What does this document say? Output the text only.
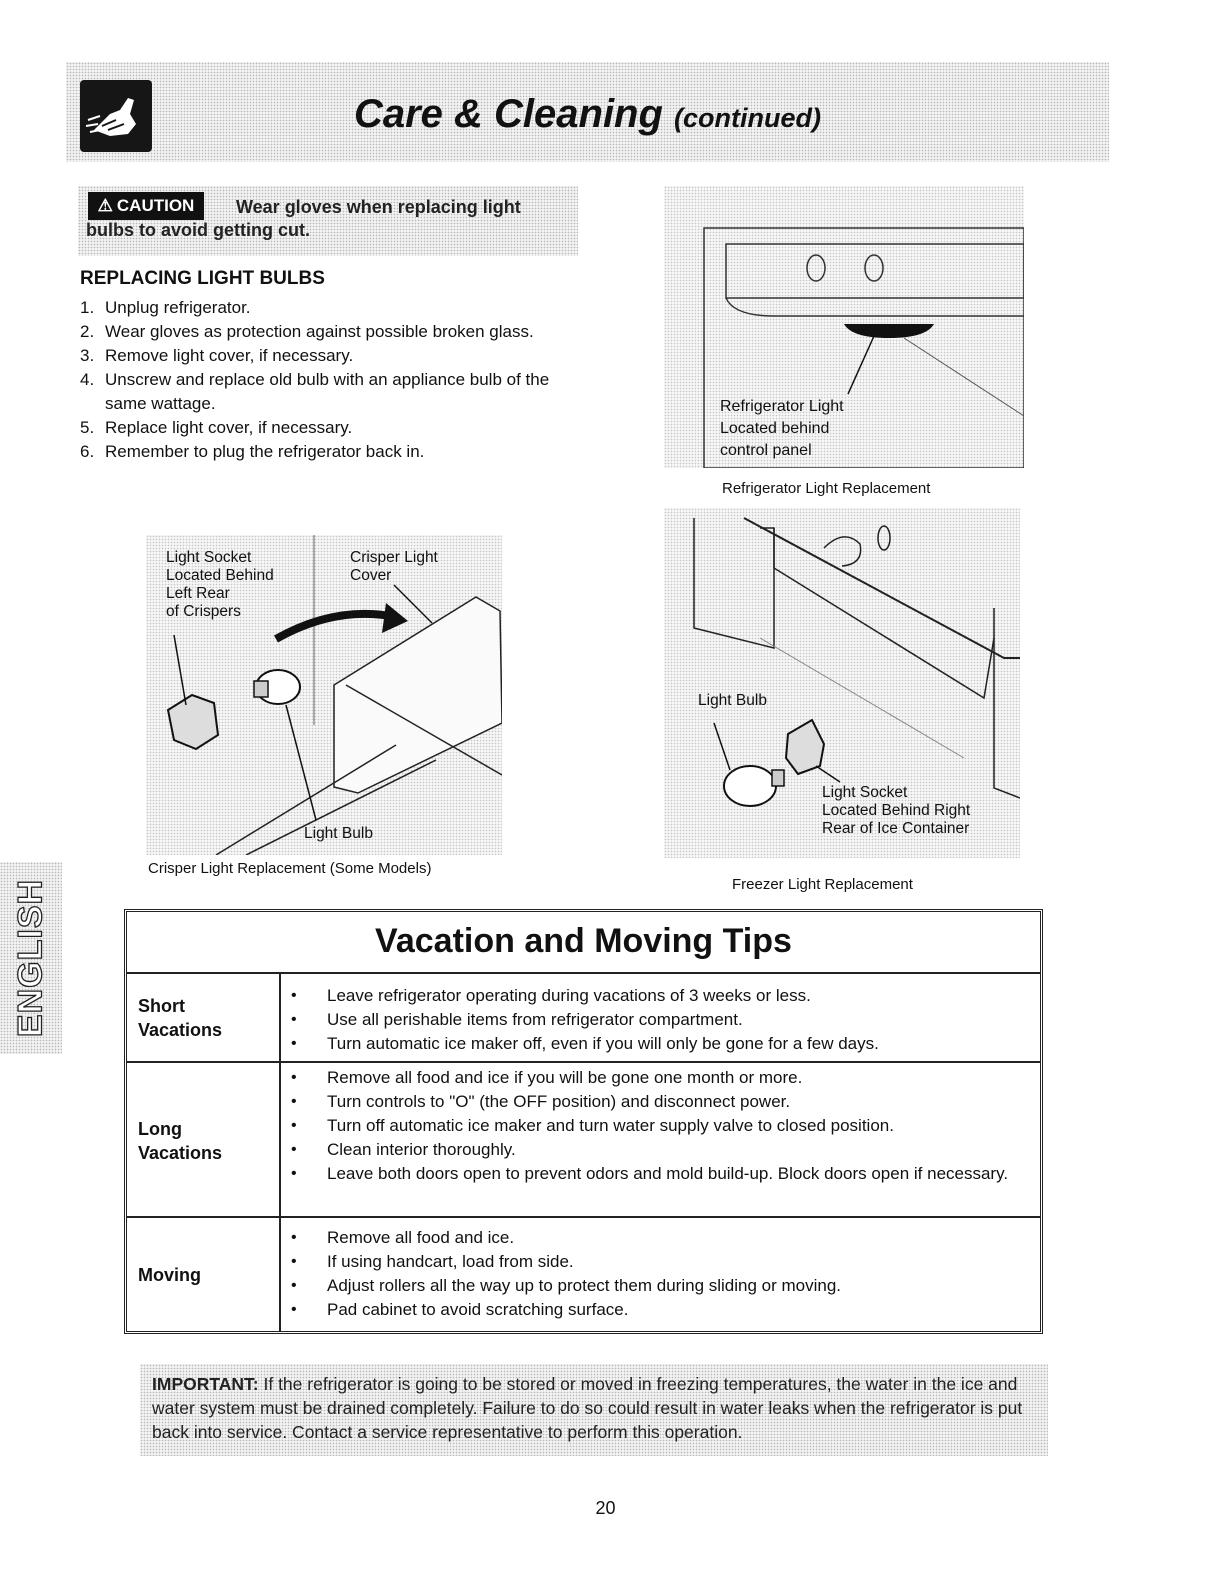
Care & Cleaning (continued)
Wear gloves when replacing light bulbs to avoid getting cut.
⚠ CAUTION
REPLACING LIGHT BULBS
1. Unplug refrigerator.
2. Wear gloves as protection against possible broken glass.
3. Remove light cover, if necessary.
4. Unscrew and replace old bulb with an appliance bulb of the same wattage.
5. Replace light cover, if necessary.
6. Remember to plug the refrigerator back in.
Refrigerator Light
Located behind
control panel
Refrigerator Light Replacement
Light Socket
Located Behind
Left Rear
of Crispers
Crisper Light
Cover
Light Bulb
Crisper Light Replacement (Some Models)
Light Bulb
Light Socket
Located Behind Right
Rear of Ice Container
Freezer Light Replacement
ENGLISH	Vacation and Moving Tips
Short
Vacations
• Leave refrigerator operating during vacations of 3 weeks or less.
• Use all perishable items from refrigerator compartment.
• Turn automatic ice maker off, even if you will only be gone for a few days.
Long
Vacations
• Remove all food and ice if you will be gone one month or more.
• Turn controls to "O" (the OFF position) and disconnect power.
• Turn off automatic ice maker and turn water supply valve to closed position.
• Clean interior thoroughly.
• Leave both doors open to prevent odors and mold build-up. Block doors open if necessary.
Moving
• Remove all food and ice.
• If using handcart, load from side.
• Adjust rollers all the way up to protect them during sliding or moving.
• Pad cabinet to avoid scratching surface.
IMPORTANT: If the refrigerator is going to be stored or moved in freezing temperatures, the water in the ice and water system must be drained completely. Failure to do so could result in water leaks when the refrigerator is put back into service. Contact a service representative to perform this operation.
20
